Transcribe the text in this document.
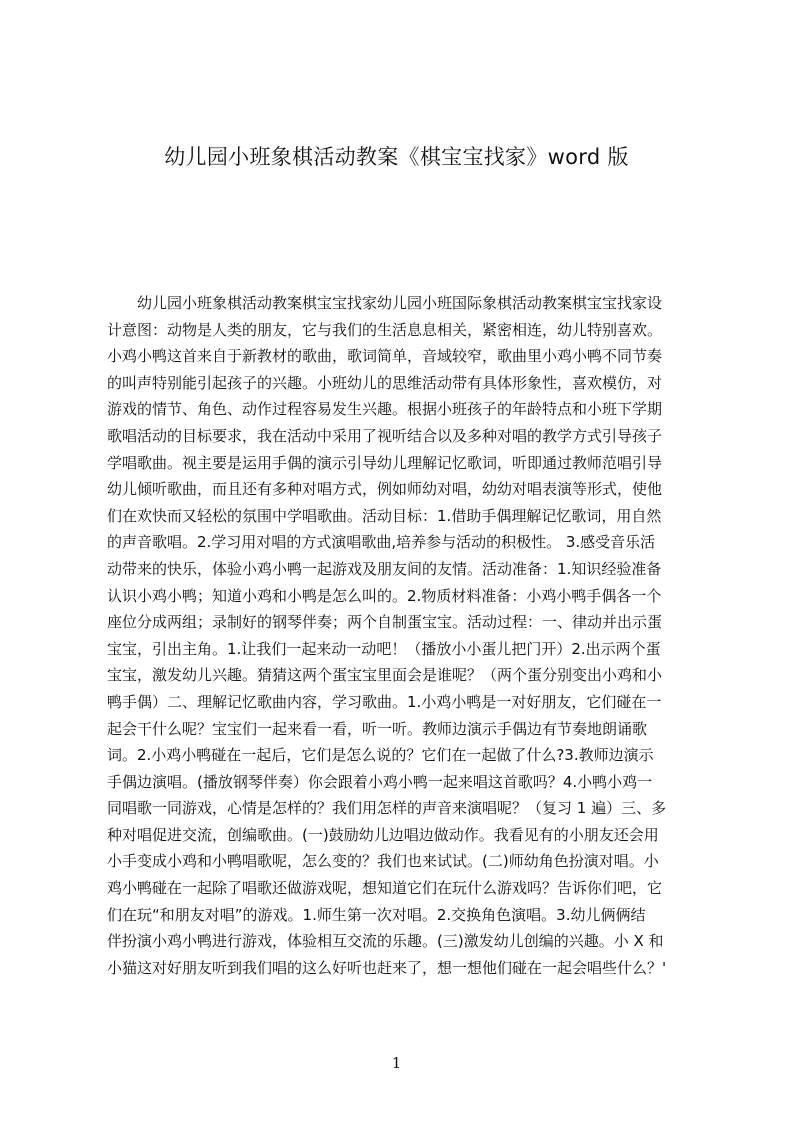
幼儿园小班象棋活动教案《棋宝宝找家》word 版
幼儿园小班象棋活动教案棋宝宝找家幼儿园小班国际象棋活动教案棋宝宝找家设
计意图：动物是人类的朋友，它与我们的生活息息相关，紧密相连，幼儿特别喜欢。
小鸡小鸭这首来自于新教材的歌曲，歌词简单，音域较窄，歌曲里小鸡小鸭不同节奏
的叫声特别能引起孩子的兴趣。小班幼儿的思维活动带有具体形象性，喜欢模仿，对
游戏的情节、角色、动作过程容易发生兴趣。根据小班孩子的年龄特点和小班下学期
歌唱活动的目标要求，我在活动中采用了视听结合以及多种对唱的教学方式引导孩子
学唱歌曲。视主要是运用手偶的演示引导幼儿理解记忆歌词，听即通过教师范唱引导
幼儿倾听歌曲，而且还有多种对唱方式，例如师幼对唱，幼幼对唱表演等形式，使他
们在欢快而又轻松的氛围中学唱歌曲。活动目标：1.借助手偶理解记忆歌词，用自然
的声音歌唱。2.学习用对唱的方式演唱歌曲,培养参与活动的积极性。 3.感受音乐活
动带来的快乐，体验小鸡小鸭一起游戏及朋友间的友情。活动准备：1.知识经验准备
认识小鸡小鸭；知道小鸡和小鸭是怎么叫的。2.物质材料准备：小鸡小鸭手偶各一个
座位分成两组；录制好的钢琴伴奏；两个自制蛋宝宝。活动过程：一、律动并出示蛋
宝宝，引出主角。1.让我们一起来动一动吧！（播放小小蛋儿把门开）2.出示两个蛋
宝宝，激发幼儿兴趣。猜猜这两个蛋宝宝里面会是谁呢？（两个蛋分别变出小鸡和小
鸭手偶）二、理解记忆歌曲内容，学习歌曲。1.小鸡小鸭是一对好朋友，它们碰在一
起会干什么呢？宝宝们一起来看一看，听一听。教师边演示手偶边有节奏地朗诵歌
词。2.小鸡小鸭碰在一起后，它们是怎么说的？它们在一起做了什么?3.教师边演示
手偶边演唱。(播放钢琴伴奏）你会跟着小鸡小鸭一起来唱这首歌吗？4.小鸭小鸡一
同唱歌一同游戏，心情是怎样的？我们用怎样的声音来演唱呢？（复习 1 遍）三、多
种对唱促进交流，创编歌曲。(一)鼓励幼儿边唱边做动作。我看见有的小朋友还会用
小手变成小鸡和小鸭唱歌呢，怎么变的？我们也来试试。(二)师幼角色扮演对唱。小
鸡小鸭碰在一起除了唱歌还做游戏呢，想知道它们在玩什么游戏吗？告诉你们吧，它
们在玩“和朋友对唱”的游戏。1.师生第一次对唱。2.交换角色演唱。3.幼儿俩俩结
伴扮演小鸡小鸭进行游戏，体验相互交流的乐趣。(三)激发幼儿创编的兴趣。小 X 和
小猫这对好朋友听到我们唱的这么好听也赶来了，想一想他们碰在一起会唱些什么？'
1
